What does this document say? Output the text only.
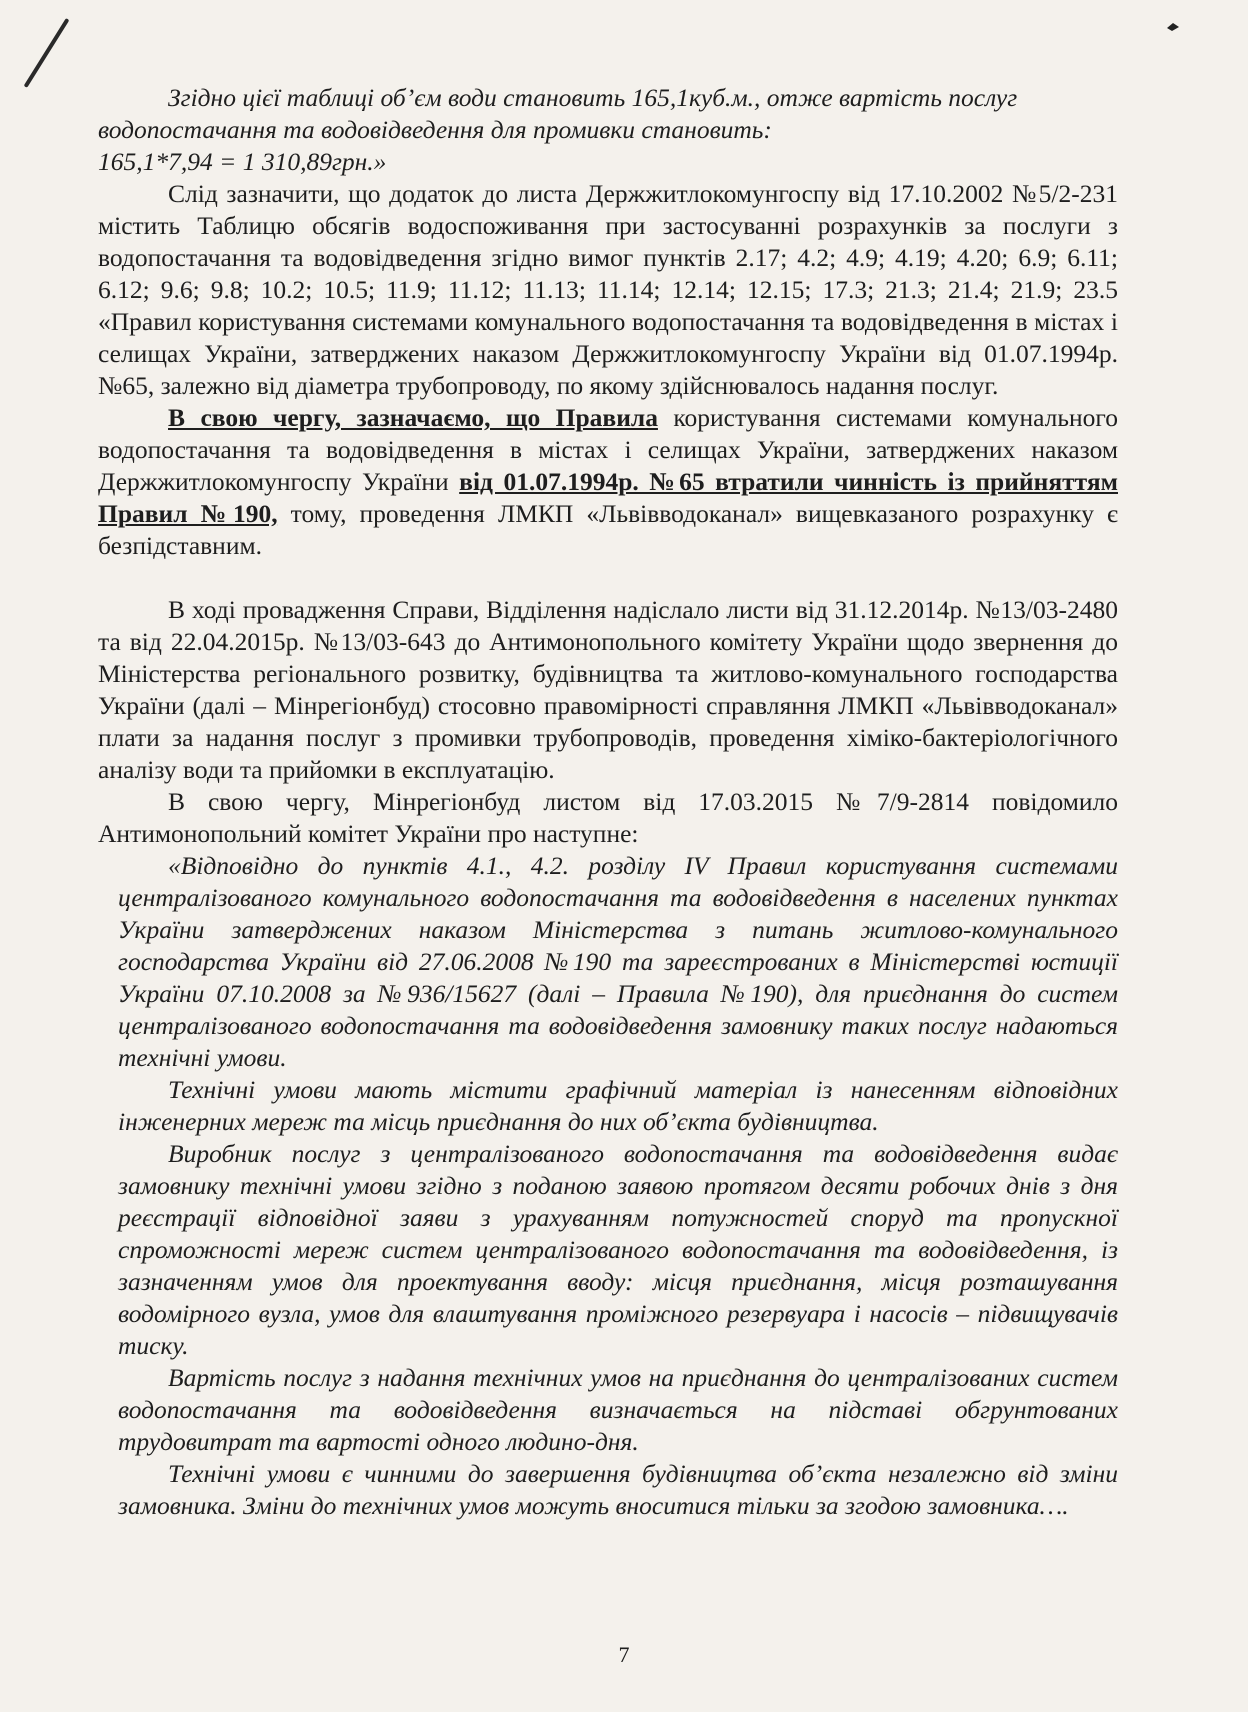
Згідно цієї таблиці об’єм води становить 165,1куб.м., отже вартість послуг

водопостачання та водовідведення для промивки становить:

165,1*7,94 = 1 310,89грн.»

Слід зазначити, що додаток до листа Держжитлокомунгоспу від 17.10.2002 №5/2-231 містить Таблицю обсягів водоспоживання при застосуванні розрахунків за послуги з водопостачання та водовідведення згідно вимог пунктів 2.17; 4.2; 4.9; 4.19; 4.20; 6.9; 6.11; 6.12; 9.6; 9.8; 10.2; 10.5; 11.9; 11.12; 11.13; 11.14; 12.14; 12.15; 17.3; 21.3; 21.4; 21.9; 23.5 «Правил користування системами комунального водопостачання та водовідведення в містах і селищах України, затверджених наказом Держжитлокомунгоспу України від 01.07.1994р. №65, залежно від діаметра трубопроводу, по якому здійснювалось надання послуг.

В свою чергу, зазначаємо, що Правила користування системами комунального водопостачання та водовідведення в містах і селищах України, затверджених наказом Держжитлокомунгоспу України від 01.07.1994р. №65 втратили чинність із прийняттям Правил №190, тому, проведення ЛМКП «Львівводоканал» вищевказаного розрахунку є безпідставним.

В ході провадження Справи, Відділення надіслало листи від 31.12.2014р. №13/03-2480 та від 22.04.2015р. №13/03-643 до Антимонопольного комітету України щодо звернення до Міністерства регіонального розвитку, будівництва та житлово-комунального господарства України (далі – Мінрегіонбуд) стосовно правомірності справляння ЛМКП «Львівводоканал» плати за надання послуг з промивки трубопроводів, проведення хіміко-бактеріологічного аналізу води та прийомки в експлуатацію.

В свою чергу, Мінрегіонбуд листом від 17.03.2015 №7/9-2814 повідомило Антимонопольний комітет України про наступне:

«Відповідно до пунктів 4.1., 4.2. розділу IV Правил користування системами централізованого комунального водопостачання та водовідведення в населених пунктах України затверджених наказом Міністерства з питань житлово-комунального господарства України від 27.06.2008 №190 та зареєстрованих в Міністерстві юстиції України 07.10.2008 за №936/15627 (далі – Правила №190), для приєднання до систем централізованого водопостачання та водовідведення замовнику таких послуг надаються технічні умови.

Технічні умови мають містити графічний матеріал із нанесенням відповідних інженерних мереж та місць приєднання до них об’єкта будівництва.

Виробник послуг з централізованого водопостачання та водовідведення видає замовнику технічні умови згідно з поданою заявою протягом десяти робочих днів з дня реєстрації відповідної заяви з урахуванням потужностей споруд та пропускної спроможності мереж систем централізованого водопостачання та водовідведення, із зазначенням умов для проектування вводу: місця приєднання, місця розташування водомірного вузла, умов для влаштування проміжного резервуара і насосів – підвищувачів тиску.

Вартість послуг з надання технічних умов на приєднання до централізованих систем водопостачання та водовідведення визначається на підставі обгрунтованих трудовитрат та вартості одного людино-дня.

Технічні умови є чинними до завершення будівництва об’єкта незалежно від зміни замовника. Зміни до технічних умов можуть вноситися тільки за згодою замовника….

7
